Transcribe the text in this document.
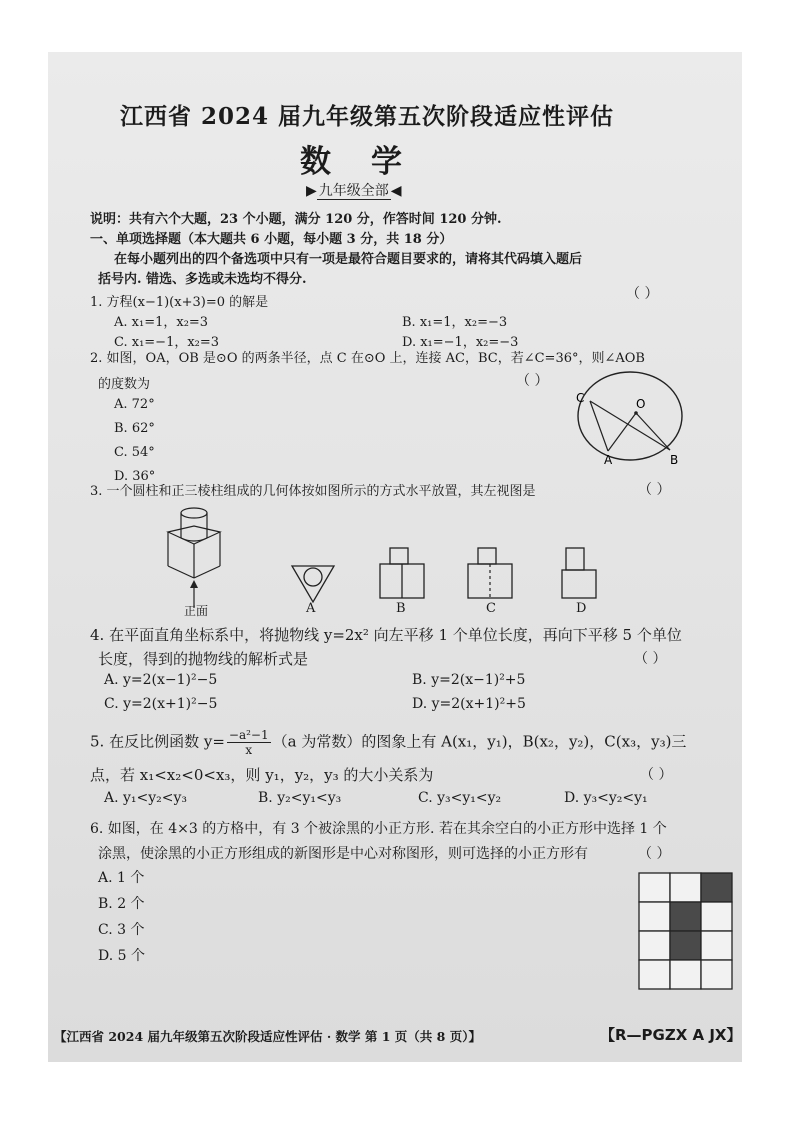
江西省 2024 届九年级第五次阶段适应性评估
数学
▶ 九年级全部 ◀
说明：共有六个大题，23 个小题，满分 120 分，作答时间 120 分钟.
一、单项选择题（本大题共 6 小题，每小题 3 分，共 18 分）
在每小题列出的四个备选项中只有一项是最符合题目要求的，请将其代码填入题后
括号内. 错选、多选或未选均不得分.
1. 方程(x−1)(x+3)=0 的解是
（ ）
A. x₁=1，x₂=3	B. x₁=1，x₂=−3
C. x₁=−1，x₂=3	D. x₁=−1，x₂=−3
2. 如图，OA，OB 是⊙O 的两条半径，点 C 在⊙O 上，连接 AC，BC，若∠C=36°，则∠AOB
的度数为	（ ）
A. 72°
B. 62°
C. 54°
D. 36°
C	O
A	B
3. 一个圆柱和正三棱柱组成的几何体按如图所示的方式水平放置，其左视图是	（ ）
正面	A	B	C	D
4. 在平面直角坐标系中，将抛物线 y=2x² 向左平移 1 个单位长度，再向下平移 5 个单位
长度，得到的抛物线的解析式是	（ ）
A. y=2(x−1)²−5	B. y=2(x−1)²+5
C. y=2(x+1)²−5	D. y=2(x+1)²+5
5. 在反比例函数 $y= \frac{\text{−a²−1}}{x} (a$ 为常数）的图象上有 A(x₁，y₁)，B(x₂，y₂)，C(x₃，y₃)三
点，若 x₁<x₂<0<x₃，则 y₁，y₂，y₃ 的大小关系为	（ ）
A. y₁<y₂<y₃	B. y₂<y₁<y₃	C. y₃<y₁<y₂	D. y₃<y₂<y₁
6. 如图，在 4×3 的方格中，有 3 个被涂黑的小正方形. 若在其余空白的小正方形中选择 1 个
涂黑，使涂黑的小正方形组成的新图形是中心对称图形，则可选择的小正方形有	（ ）
A. 1 个
B. 2 个
C. 3 个
D. 5 个
【江西省 2024 届九年级第五次阶段适应性评估 · 数学 第 1 页（共 8 页）】	【R—PGZX A JX】
